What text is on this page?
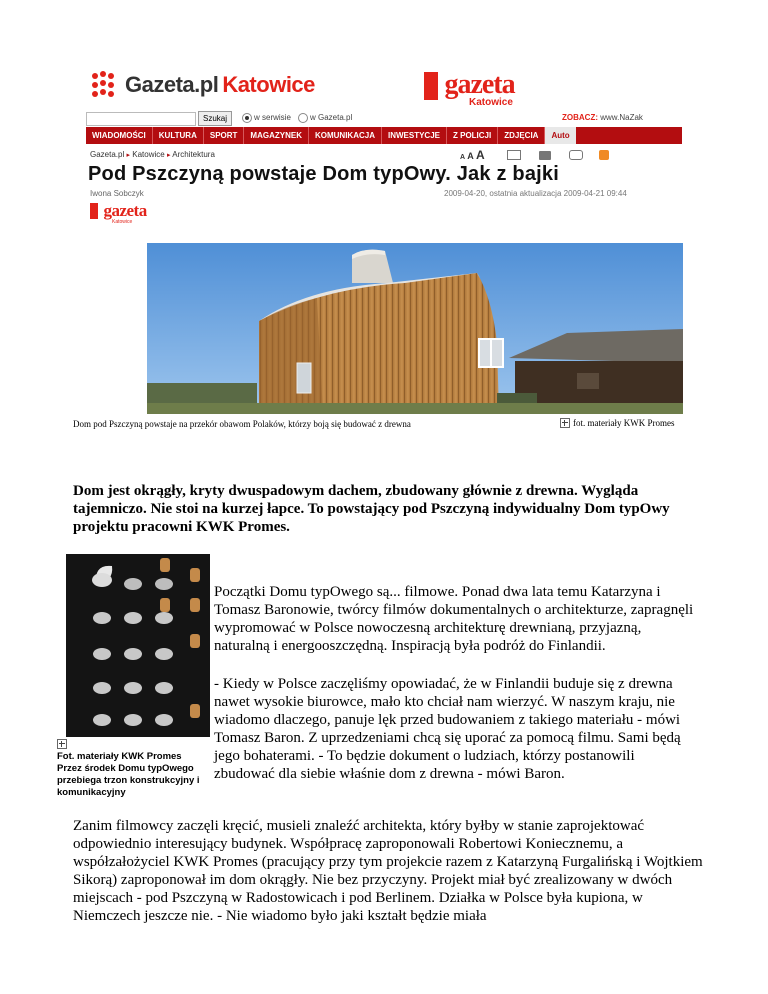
Gazeta.pl Katowice	gazeta
Katowice
Szukaj	w serwisie w Gazeta.pl	ZOBACZ: www.NaZak
WIADOMOŚCI	KULTURA	SPORT	MAGAZYNEK	KOMUNIKACJA	INWESTYCJE	Z POLICJI	ZDJĘCIA	Auto
Gazeta.pl ▸ Katowice ▸ Architektura	A A A
Pod Pszczyną powstaje Dom typOwy. Jak z bajki
Iwona Sobczyk	2009-04-20, ostatnia aktualizacja 2009-04-21 09:44
gazeta
Katowice
Dom pod Pszczyną powstaje na przekór obawom Polaków, którzy boją się budować z drewna	fot. materiały KWK Promes
Dom jest okrągły, kryty dwuspadowym dachem, zbudowany głównie z drewna. Wygląda tajemniczo. Nie stoi na kurzej łapce. To powstający pod Pszczyną indywidualny Dom typOwy projektu pracowni KWK Promes.
Fot. materiały KWK Promes
Przez środek Domu typOwego przebiega trzon konstrukcyjny i komunikacyjny
Początki Domu typOwego są... filmowe. Ponad dwa lata temu Katarzyna i Tomasz Baronowie, twórcy filmów dokumentalnych o architekturze, zapragnęli wypromować w Polsce nowoczesną architekturę drewnianą, przyjazną, naturalną i energooszczędną. Inspiracją była podróż do Finlandii.
- Kiedy w Polsce zaczęliśmy opowiadać, że w Finlandii buduje się z drewna nawet wysokie biurowce, mało kto chciał nam wierzyć. W naszym kraju, nie wiadomo dlaczego, panuje lęk przed budowaniem z takiego materiału - mówi Tomasz Baron. Z uprzedzeniami chcą się uporać za pomocą filmu. Sami będą jego bohaterami. - To będzie dokument o ludziach, którzy postanowili zbudować dla siebie właśnie dom z drewna - mówi Baron.
Zanim filmowcy zaczęli kręcić, musieli znaleźć architekta, który byłby w stanie zaprojektować odpowiednio interesujący budynek. Współpracę zaproponowali Robertowi Koniecznemu, a współzałożyciel KWK Promes (pracujący przy tym projekcie razem z Katarzyną Furgalińską i Wojtkiem Sikorą) zaproponował im dom okrągły. Nie bez przyczyny. Projekt miał być zrealizowany w dwóch miejscach - pod Pszczyną w Radostowicach i pod Berlinem. Działka w Polsce była kupiona, w Niemczech jeszcze nie. - Nie wiadomo było jaki kształt będzie miała
